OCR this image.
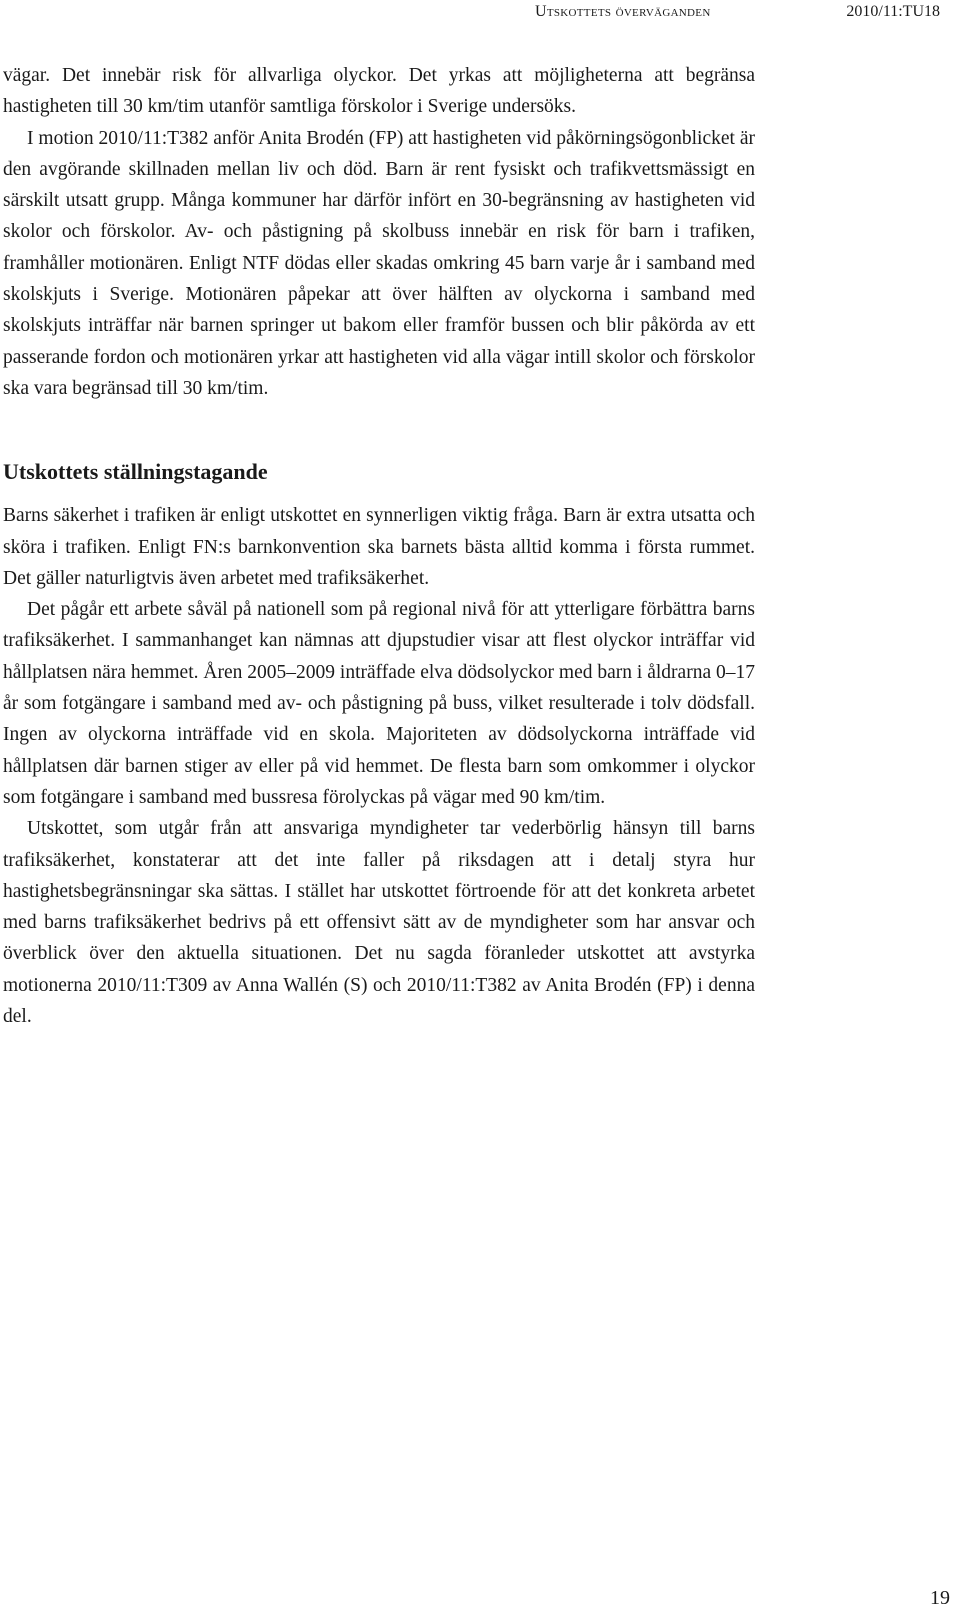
Utskottets överväganden	2010/11:TU18

vägar. Det innebär risk för allvarliga olyckor. Det yrkas att möjligheterna att begränsa hastigheten till 30 km/tim utanför samtliga förskolor i Sverige undersöks.

I motion 2010/11:T382 anför Anita Brodén (FP) att hastigheten vid påkörningsögonblicket är den avgörande skillnaden mellan liv och död. Barn är rent fysiskt och trafikvettsmässigt en särskilt utsatt grupp. Många kommuner har därför infört en 30-begränsning av hastigheten vid skolor och förskolor. Av- och påstigning på skolbuss innebär en risk för barn i trafiken, framhåller motionären. Enligt NTF dödas eller skadas omkring 45 barn varje år i samband med skolskjuts i Sverige. Motionären påpekar att över hälften av olyckorna i samband med skolskjuts inträffar när barnen springer ut bakom eller framför bussen och blir påkörda av ett passerande fordon och motionären yrkar att hastigheten vid alla vägar intill skolor och förskolor ska vara begränsad till 30 km/tim.

Utskottets ställningstagande

Barns säkerhet i trafiken är enligt utskottet en synnerligen viktig fråga. Barn är extra utsatta och sköra i trafiken. Enligt FN:s barnkonvention ska barnets bästa alltid komma i första rummet. Det gäller naturligtvis även arbetet med trafiksäkerhet.

Det pågår ett arbete såväl på nationell som på regional nivå för att ytterligare förbättra barns trafiksäkerhet. I sammanhanget kan nämnas att djupstudier visar att flest olyckor inträffar vid hållplatsen nära hemmet. Åren 2005–2009 inträffade elva dödsolyckor med barn i åldrarna 0–17 år som fotgängare i samband med av- och påstigning på buss, vilket resulterade i tolv dödsfall. Ingen av olyckorna inträffade vid en skola. Majoriteten av dödsolyckorna inträffade vid hållplatsen där barnen stiger av eller på vid hemmet. De flesta barn som omkommer i olyckor som fotgängare i samband med bussresa förolyckas på vägar med 90 km/tim.

Utskottet, som utgår från att ansvariga myndigheter tar vederbörlig hänsyn till barns trafiksäkerhet, konstaterar att det inte faller på riksdagen att i detalj styra hur hastighetsbegränsningar ska sättas. I stället har utskottet förtroende för att det konkreta arbetet med barns trafiksäkerhet bedrivs på ett offensivt sätt av de myndigheter som har ansvar och överblick över den aktuella situationen. Det nu sagda föranleder utskottet att avstyrka motionerna 2010/11:T309 av Anna Wallén (S) och 2010/11:T382 av Anita Brodén (FP) i denna del.

19
